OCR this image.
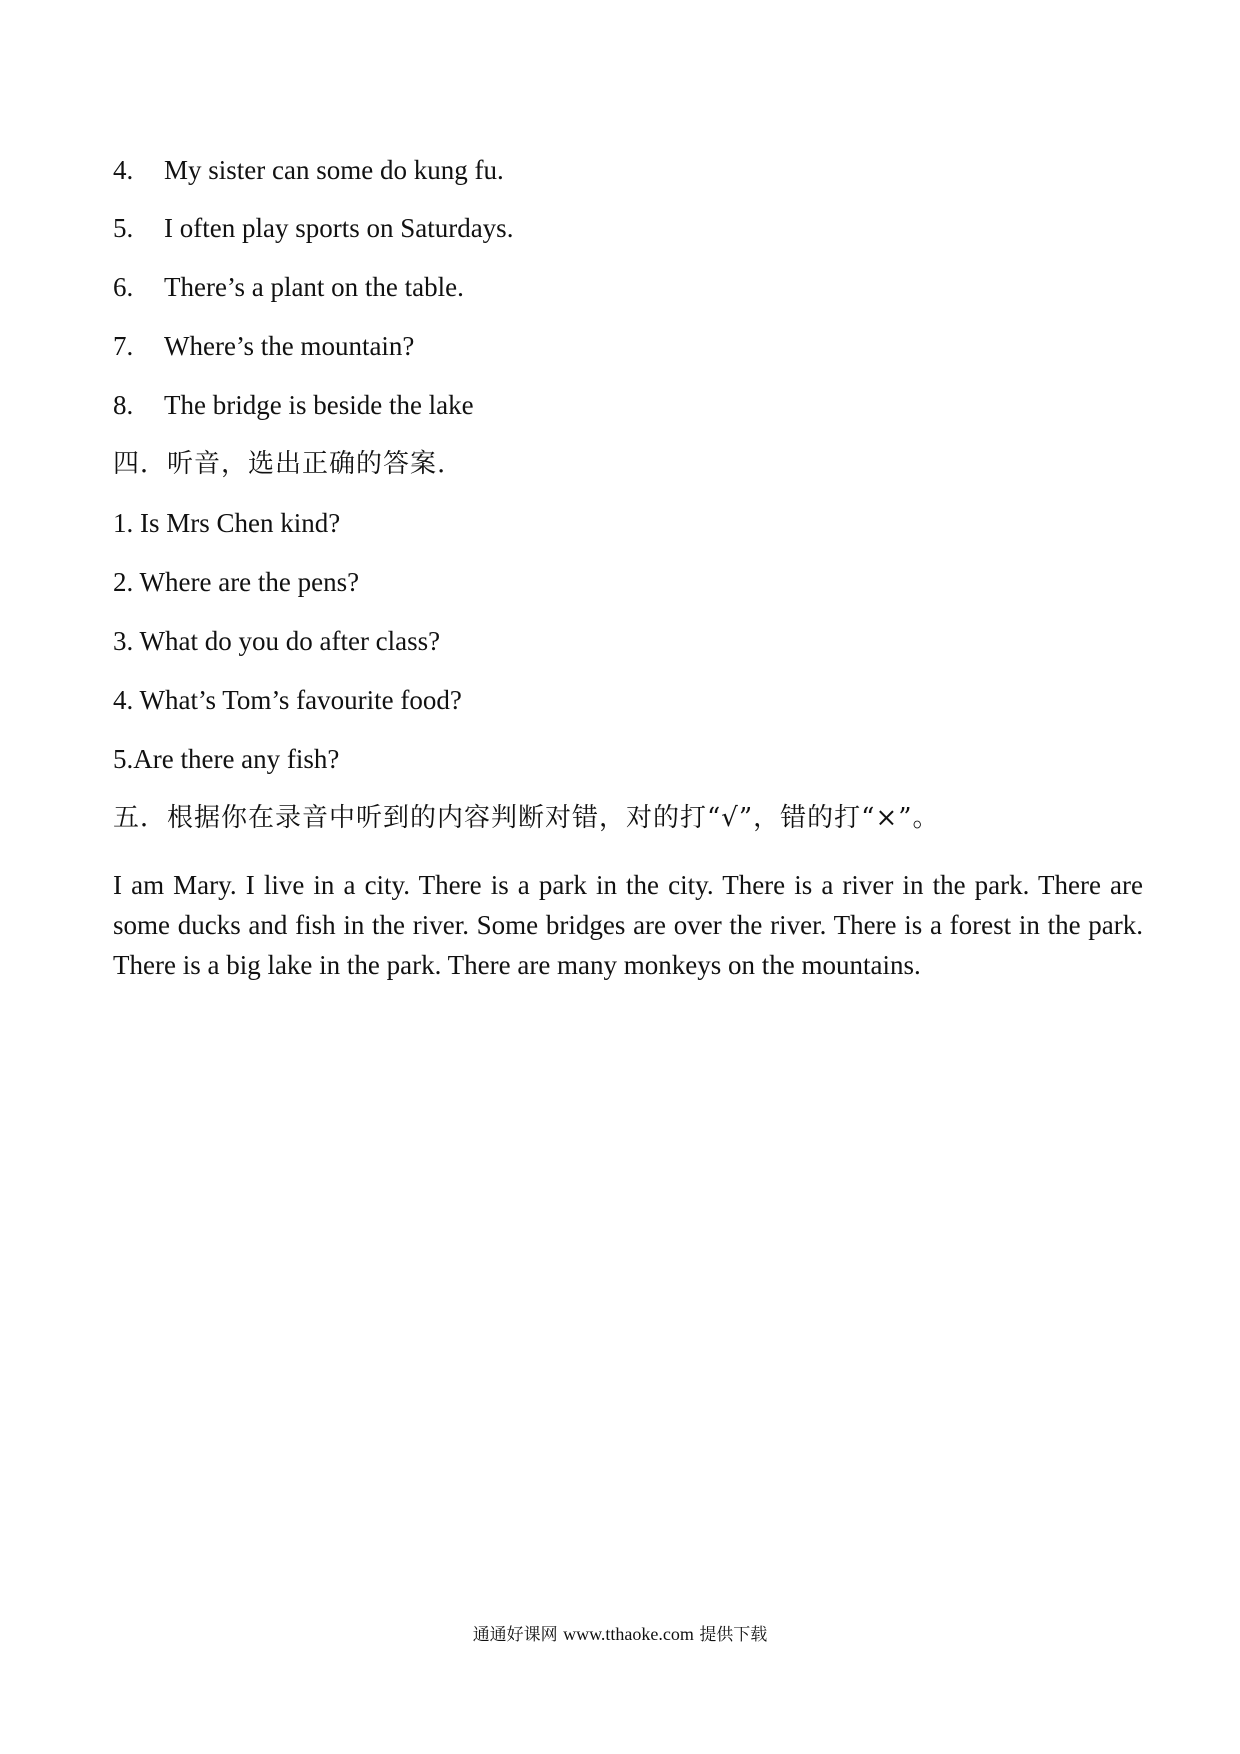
4. My sister can some do kung fu.
5. I often play sports on Saturdays.
6. There’s a plant on the table.
7. Where’s the mountain?
8. The bridge is beside the lake
四．听音，选出正确的答案.
1. Is Mrs Chen kind?
2. Where are the pens?
3. What do you do after class?
4. What’s Tom’s favourite food?
5.Are there any fish?
五．根据你在录音中听到的内容判断对错，对的打“√”，错的打“×”。
I am Mary. I live in a city. There is a park in the city. There is a river in the park. There are some ducks and fish in the river. Some bridges are over the river. There is a forest in the park. There is a big lake in the park. There are many monkeys on the mountains.
通通好课网 www.tthaoke.com 提供下载
